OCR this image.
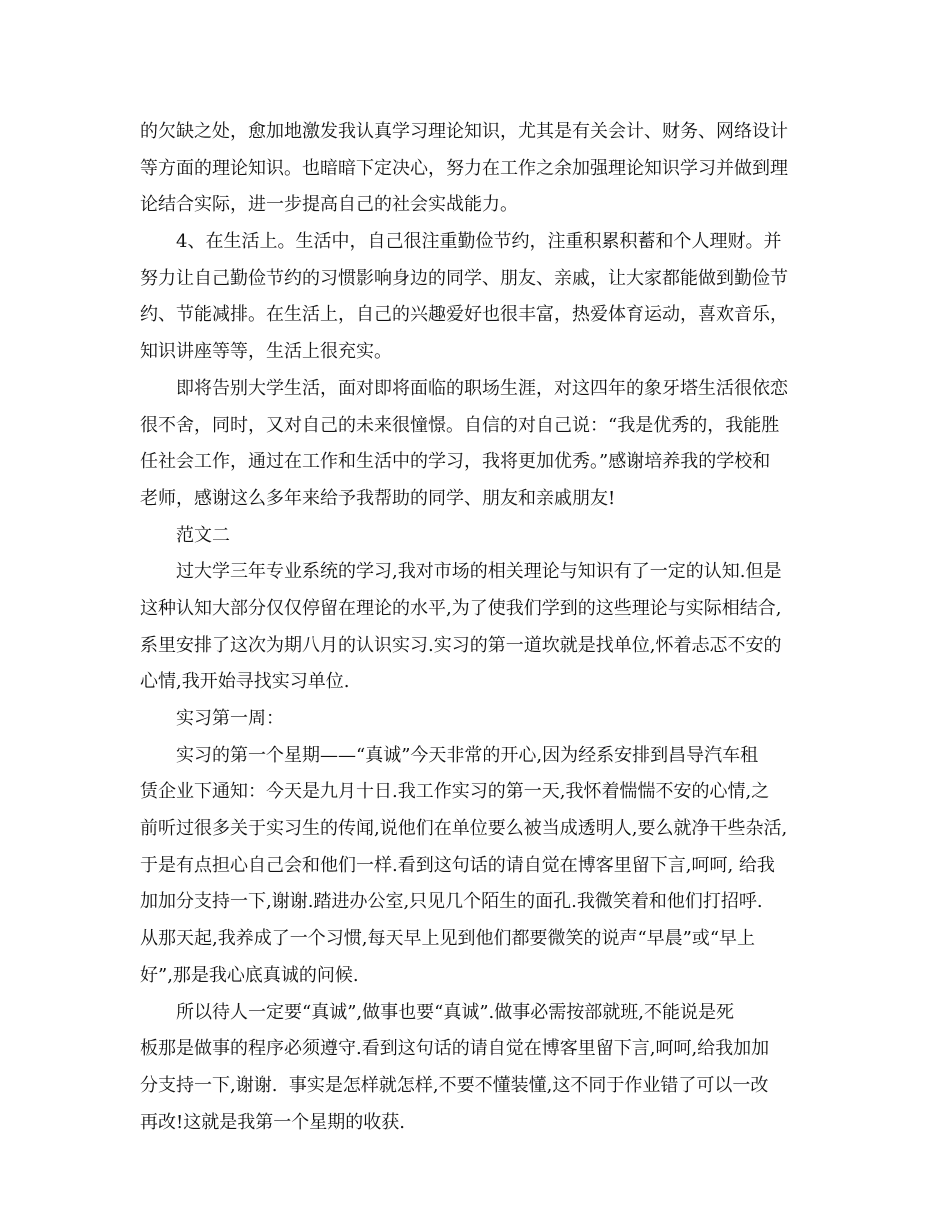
的欠缺之处，愈加地激发我认真学习理论知识，尤其是有关会计、财务、网络设计
等方面的理论知识。也暗暗下定决心，努力在工作之余加强理论知识学习并做到理
论结合实际，进一步提高自己的社会实战能力。
4、在生活上。生活中，自己很注重勤俭节约，注重积累积蓄和个人理财。并
努力让自己勤俭节约的习惯影响身边的同学、朋友、亲戚，让大家都能做到勤俭节
约、节能减排。在生活上，自己的兴趣爱好也很丰富，热爱体育运动，喜欢音乐，
知识讲座等等，生活上很充实。
即将告别大学生活，面对即将面临的职场生涯，对这四年的象牙塔生活很依恋
很不舍，同时，又对自己的未来很憧憬。自信的对自己说：“我是优秀的，我能胜
任社会工作，通过在工作和生活中的学习，我将更加优秀。”感谢培养我的学校和
老师，感谢这么多年来给予我帮助的同学、朋友和亲戚朋友!
范文二
过大学三年专业系统的学习,我对市场的相关理论与知识有了一定的认知.但是
这种认知大部分仅仅停留在理论的水平,为了使我们学到的这些理论与实际相结合,
系里安排了这次为期八月的认识实习.实习的第一道坎就是找单位,怀着忐忑不安的
心情,我开始寻找实习单位.
实习第一周：
实习的第一个星期——“真诚”今天非常的开心,因为经系安排到昌导汽车租
赁企业下通知：今天是九月十日.我工作实习的第一天,我怀着惴惴不安的心情,之
前听过很多关于实习生的传闻,说他们在单位要么被当成透明人,要么就净干些杂活,
于是有点担心自己会和他们一样.看到这句话的请自觉在博客里留下言,呵呵, 给我
加加分支持一下,谢谢.踏进办公室,只见几个陌生的面孔.我微笑着和他们打招呼.
从那天起,我养成了一个习惯,每天早上见到他们都要微笑的说声“早晨”或“早上
好”,那是我心底真诚的问候.
所以待人一定要“真诚”,做事也要“真诚”.做事必需按部就班,不能说是死
板那是做事的程序必须遵守.看到这句话的请自觉在博客里留下言,呵呵,给我加加
分支持一下,谢谢.  事实是怎样就怎样,不要不懂装懂,这不同于作业错了可以一改
再改!这就是我第一个星期的收获.
